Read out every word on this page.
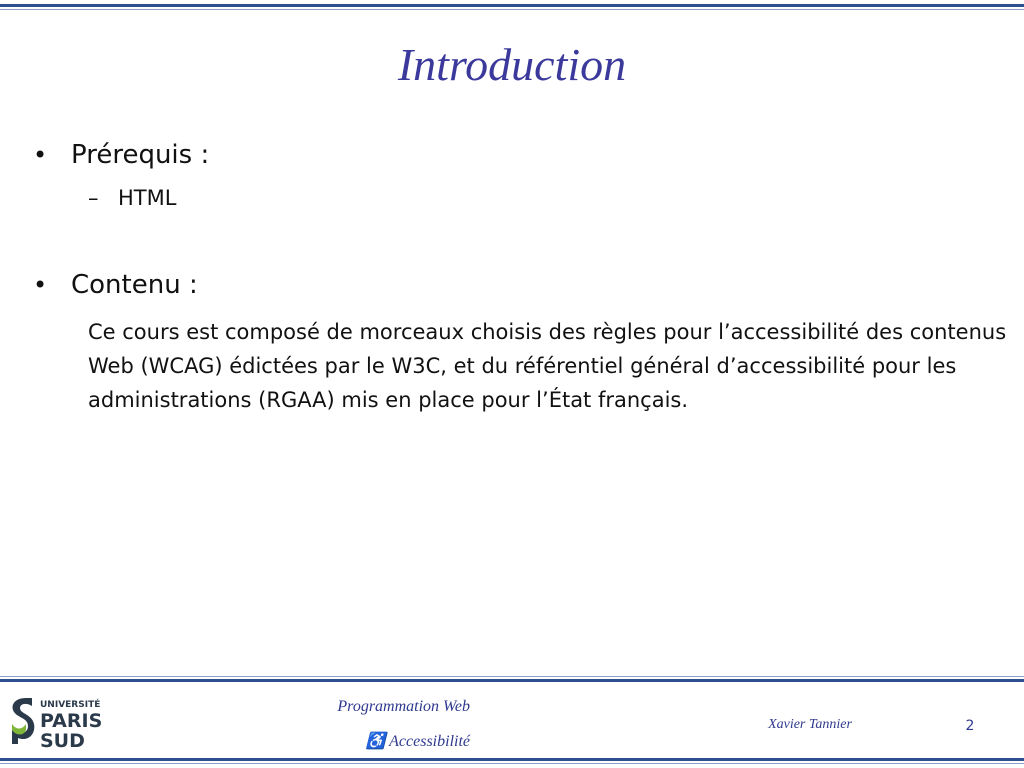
Introduction
• Prérequis :
– HTML
• Contenu :
Ce cours est composé de morceaux choisis des règles pour l’accessibilité des contenus Web (WCAG) édictées par le W3C, et du référentiel général d’accessibilité pour les administrations (RGAA) mis en place pour l’État français.
UNIVERSITÉ
PARIS
SUD
Programmation Web
♿ Accessibilité
Xavier Tannier	2
